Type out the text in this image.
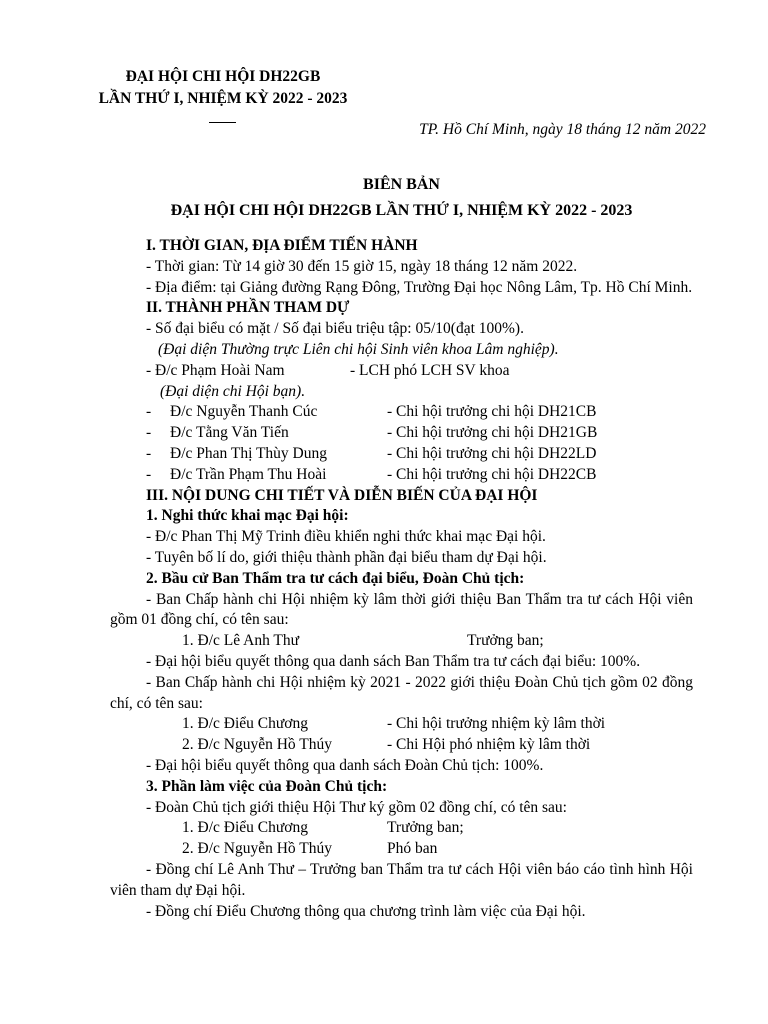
ĐẠI HỘI CHI HỘI DH22GB
LẦN THỨ I, NHIỆM KỲ 2022 - 2023
TP. Hồ Chí Minh, ngày 18 tháng 12 năm 2022
BIÊN BẢN
ĐẠI HỘI CHI HỘI DH22GB LẦN THỨ I, NHIỆM KỲ 2022 - 2023

I. THỜI GIAN, ĐỊA ĐIỂM TIẾN HÀNH

- Thời gian: Từ 14 giờ 30 đến 15 giờ 15, ngày 18 tháng 12 năm 2022.

- Địa điểm: tại Giảng đường Rạng Đông, Trường Đại học Nông Lâm, Tp. Hồ Chí Minh.

II. THÀNH PHẦN THAM DỰ

- Số đại biểu có mặt / Số đại biểu triệu tập: 05/10(đạt 100%).

(Đại diện Thường trực Liên chi hội Sinh viên khoa Lâm nghiệp).

- Đ/c Phạm Hoài Nam	- LCH phó LCH SV khoa

(Đại diện chi Hội bạn).

-	Đ/c Nguyễn Thanh Cúc	- Chi hội trưởng chi hội DH21CB
-	Đ/c Tằng Văn Tiến	- Chi hội trưởng chi hội DH21GB
-	Đ/c Phan Thị Thùy Dung	- Chi hội trưởng chi hội DH22LD
-	Đ/c Trần Phạm Thu Hoài	- Chi hội trưởng chi hội DH22CB

III. NỘI DUNG CHI TIẾT VÀ DIỄN BIẾN CỦA ĐẠI HỘI

1. Nghi thức khai mạc Đại hội:

- Đ/c Phan Thị Mỹ Trinh điều khiển nghi thức khai mạc Đại hội.

- Tuyên bố lí do, giới thiệu thành phần đại biểu tham dự Đại hội.

2. Bầu cử Ban Thẩm tra tư cách đại biểu, Đoàn Chủ tịch:

- Ban Chấp hành chi Hội nhiệm kỳ lâm thời giới thiệu Ban Thẩm tra tư cách Hội viên gồm 01 đồng chí, có tên sau:

1. Đ/c Lê Anh Thư	Trưởng ban;

- Đại hội biểu quyết thông qua danh sách Ban Thẩm tra tư cách đại biểu: 100%.

- Ban Chấp hành chi Hội nhiệm kỳ 2021 - 2022 giới thiệu Đoàn Chủ tịch gồm 02 đồng chí, có tên sau:

1. Đ/c Điểu Chương	- Chi hội trưởng nhiệm kỳ lâm thời
2. Đ/c Nguyễn Hồ Thúy	- Chi Hội phó nhiệm kỳ lâm thời

- Đại hội biểu quyết thông qua danh sách Đoàn Chủ tịch: 100%.

3. Phần làm việc của Đoàn Chủ tịch:

- Đoàn Chủ tịch giới thiệu Hội Thư ký gồm 02 đồng chí, có tên sau:

1. Đ/c Điểu Chương	Trưởng ban;
2. Đ/c Nguyễn Hồ Thúy	Phó ban

- Đồng chí Lê Anh Thư – Trưởng ban Thẩm tra tư cách Hội viên báo cáo tình hình Hội viên tham dự Đại hội.

- Đồng chí Điểu Chương thông qua chương trình làm việc của Đại hội.
